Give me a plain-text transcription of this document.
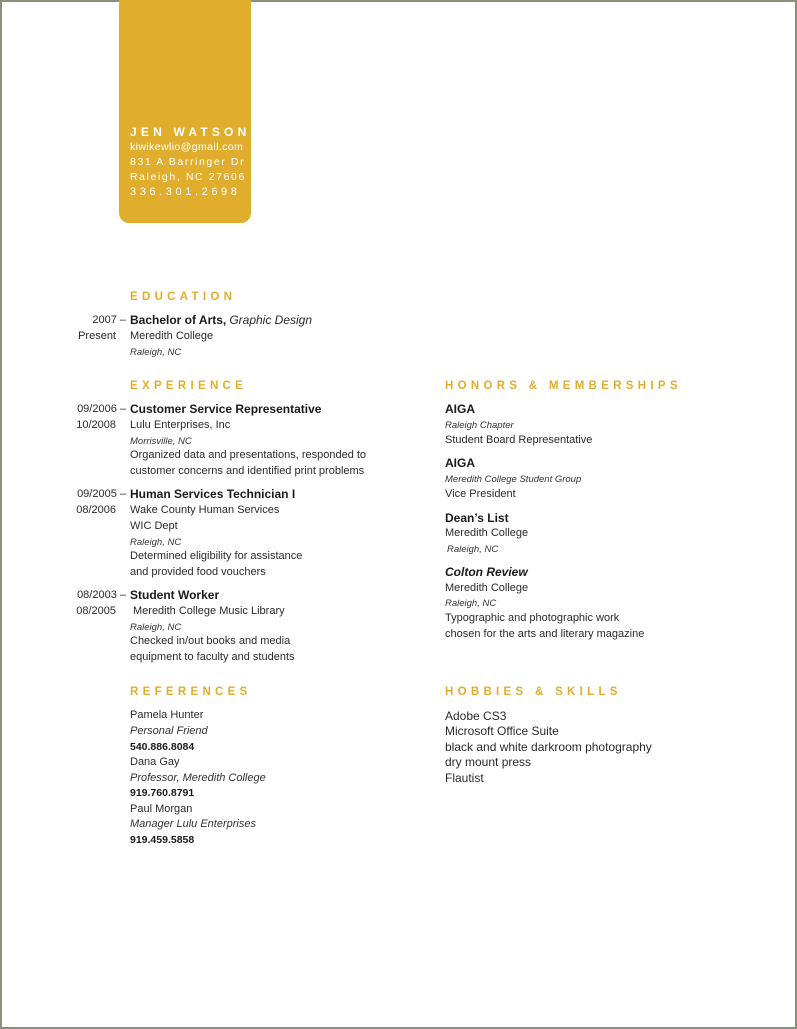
JEN WATSON
kiwikewlio@gmail.com
831 A Barringer Dr
Raleigh, NC 27606
336.301.2698
EDUCATION
2007 –
Present
Bachelor of Arts, Graphic Design
Meredith College
Raleigh, NC
EXPERIENCE
09/2006 –
10/2008
Customer Service Representative
Lulu Enterprises, Inc
Morrisville, NC
Organized data and presentations, responded to
customer concerns and identified print problems
09/2005 –
08/2006
Human Services Technician I
Wake County Human Services
WIC Dept
Raleigh, NC
Determined eligibility for assistance
and provided food vouchers
08/2003 –
08/2005
Student Worker
Meredith College Music Library
Raleigh, NC
Checked in/out books and media
equipment to faculty and students
REFERENCES
Pamela Hunter
Personal Friend
540.886.8084
Dana Gay
Professor, Meredith College
919.760.8791
Paul Morgan
Manager Lulu Enterprises
919.459.5858
HONORS & MEMBERSHIPS
AIGA
Raleigh Chapter
Student Board Representative
AIGA
Meredith College Student Group
Vice President
Dean’s List
Meredith College
Raleigh, NC
Colton Review
Meredith College
Raleigh, NC
Typographic and photographic work
chosen for the arts and literary magazine
HOBBIES & SKILLS
Adobe CS3
Microsoft Office Suite
black and white darkroom photography
dry mount press
Flautist
